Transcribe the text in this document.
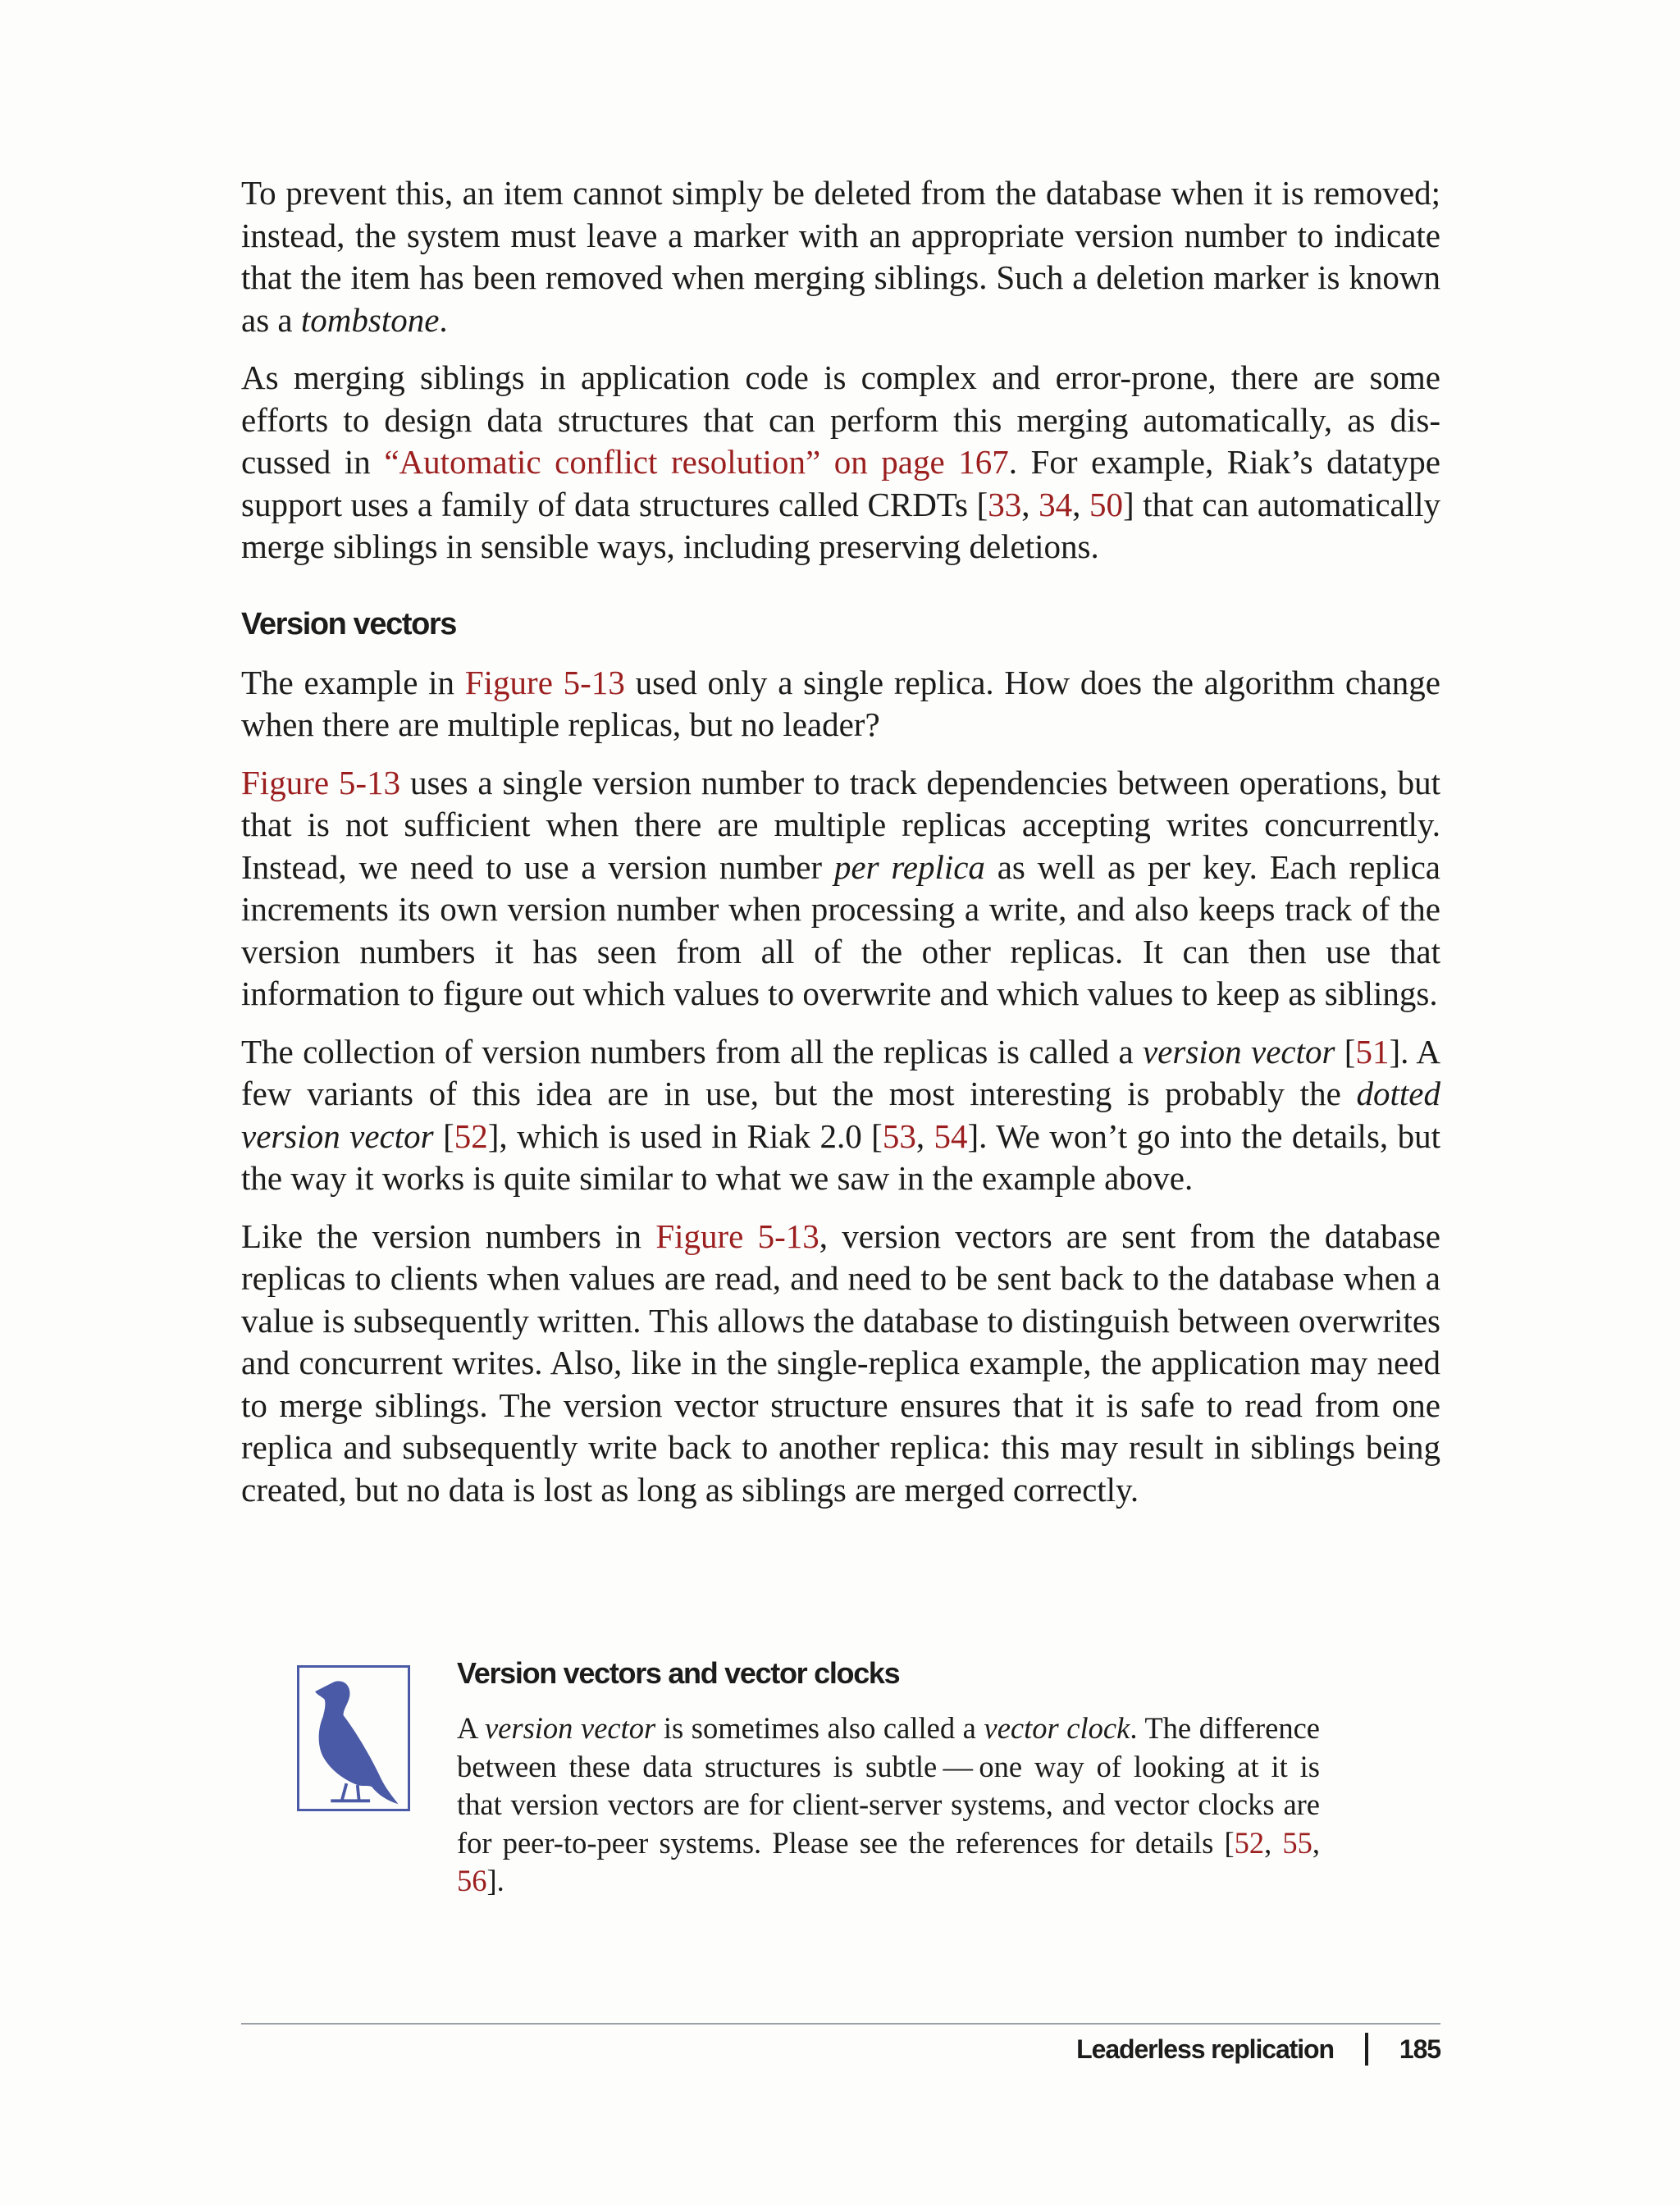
To prevent this, an item cannot simply be deleted from the database when it is removed; instead, the system must leave a marker with an appropriate version number to indicate that the item has been removed when merging siblings. Such a deletion marker is known as a tombstone.

As merging siblings in application code is complex and error-prone, there are some efforts to design data structures that can perform this merging automatically, as discussed in “Automatic conflict resolution” on page 167. For example, Riak’s datatype support uses a family of data structures called CRDTs [33, 34, 50] that can automatically merge siblings in sensible ways, including preserving deletions.

Version vectors

The example in Figure 5-13 used only a single replica. How does the algorithm change when there are multiple replicas, but no leader?

Figure 5-13 uses a single version number to track dependencies between operations, but that is not sufficient when there are multiple replicas accepting writes concurrently. Instead, we need to use a version number per replica as well as per key. Each replica increments its own version number when processing a write, and also keeps track of the version numbers it has seen from all of the other replicas. It can then use that information to figure out which values to overwrite and which values to keep as siblings.

The collection of version numbers from all the replicas is called a version vector [51]. A few variants of this idea are in use, but the most interesting is probably the dotted version vector [52], which is used in Riak 2.0 [53, 54]. We won’t go into the details, but the way it works is quite similar to what we saw in the example above.

Like the version numbers in Figure 5-13, version vectors are sent from the database replicas to clients when values are read, and need to be sent back to the database when a value is subsequently written. This allows the database to distinguish between overwrites and concurrent writes. Also, like in the single-replica example, the application may need to merge siblings. The version vector structure ensures that it is safe to read from one replica and subsequently write back to another replica: this may result in siblings being created, but no data is lost as long as siblings are merged correctly.

Version vectors and vector clocks

A version vector is sometimes also called a vector clock. The difference between these data structures is subtle — one way of looking at it is that version vectors are for client-server systems, and vector clocks are for peer-to-peer systems. Please see the references for details [52, 55, 56].

Leaderless replication	185
